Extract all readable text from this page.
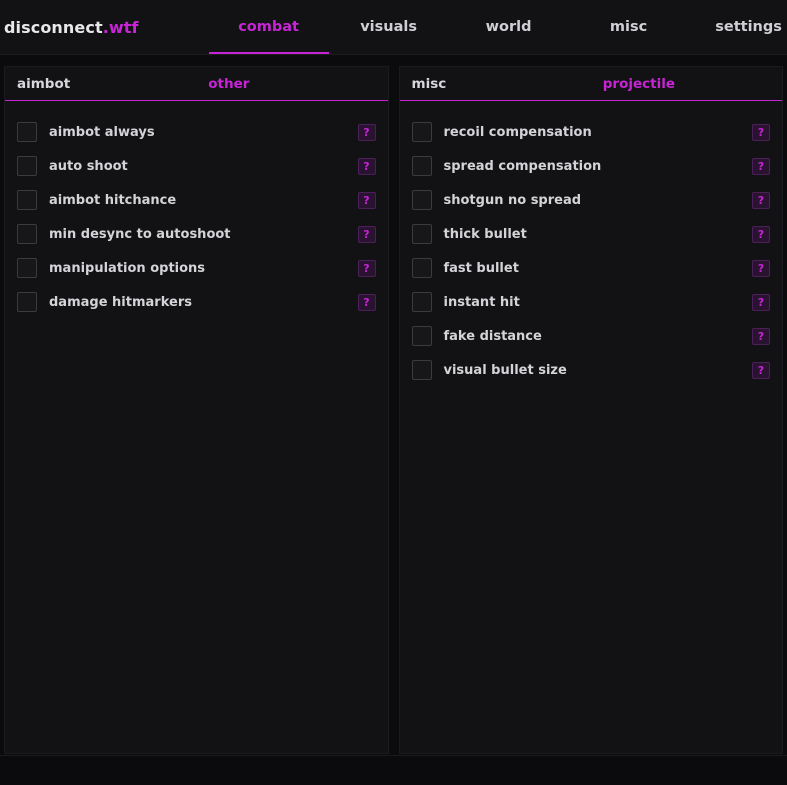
disconnect.wtf	combat	visuals	world	misc	settings
aimbot	other
aimbot always	?
auto shoot	?
aimbot hitchance	?
min desync to autoshoot	?
manipulation options	?
damage hitmarkers	?
misc	projectile
recoil compensation	?
spread compensation	?
shotgun no spread	?
thick bullet	?
fast bullet	?
instant hit	?
fake distance	?
visual bullet size	?
